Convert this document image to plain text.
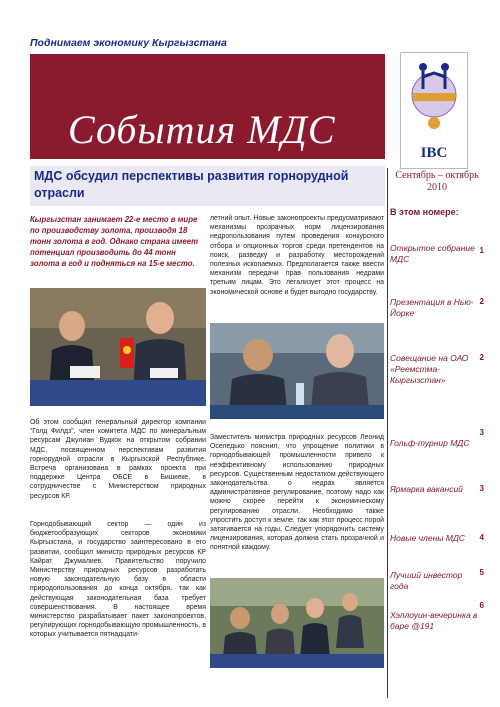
Поднимаем экономику Кыргызстана
События МДС
IBC
Сентябрь – октябрь 2010
МДС обсудил перспективы развития горнорудной отрасли
В этом номере:
Открытое собрание МДС
1
Презентация в Нью-Йорке
2
Совещание на ОАО «Реемстма-Кыргызстан»
2
Гольф-турнир МДС
3
Ярмарка вакансий	3
Новые члены МДС	4
Лучший инвестор года
5
Хэллоуин-вечеринка в баре @191
6
Кыргызстан занимает 22-е место в мире по производству золота, производя 18 тонн золота в год. Однако страна имеет потенциал производить до 44 тонн золота в год и подняться на 15-е место.
Об этом сообщил генеральный директор компании “Голд Филдз”, член комитета МДС по минеральным ресурсам Джулиан Вудкок на открытом собрании МДС, посвященном перспективам развития горнорудной отрасли в Кыргызской Республике. Встреча организована в рамках проекта при поддержке Центра ОБСЕ в Бишкеке, в сотрудничестве с Министерством природных ресурсов КР.
Горнодобывающий сектор — один из бюджетообразующих секторов экономики Кыргызстана, и государство заинтересовано в его развитии, сообщил министр природных ресурсов КР Кайрат Джумалиев. Правительство поручило Министерству природных ресурсов разработать новую законодательную базу в области природопользования до конца октября, так как действующая законодательная база требует совершенствования. В настоящее время министерство разрабатывает пакет законопроектов, регулирующих горнодобывающую промышленность, в которых учитывается пятнадцати-
летний опыт. Новые законопроекты предусматривают механизмы прозрачных норм лицензирования недропользования путем проведения конкурсного отбора и опционных торгов среди претендентов на поиск, разведку и разработку месторождений полезных ископаемых. Предполагается также ввести механизм передачи прав пользования недрами третьим лицам. Это легализует этот процесс на экономической основе и будет выгодно государству.
Заместитель министра природных ресурсов Леонид Оселедько пояснил, что упрощение политики в горнодобывающей промышленности привело к неэффективному использованию природных ресурсов. Существенным недостатком действующего законодательства о недрах является административное регулирование, поэтому надо как можно скорее перейти к экономическому регулированию отрасли. Необходимо также упростить доступ к земле, так как этот процесс порой затягивается на годы. Следует упорядочить систему лицензирования, которая должна стать прозрачной и понятной каждому.
